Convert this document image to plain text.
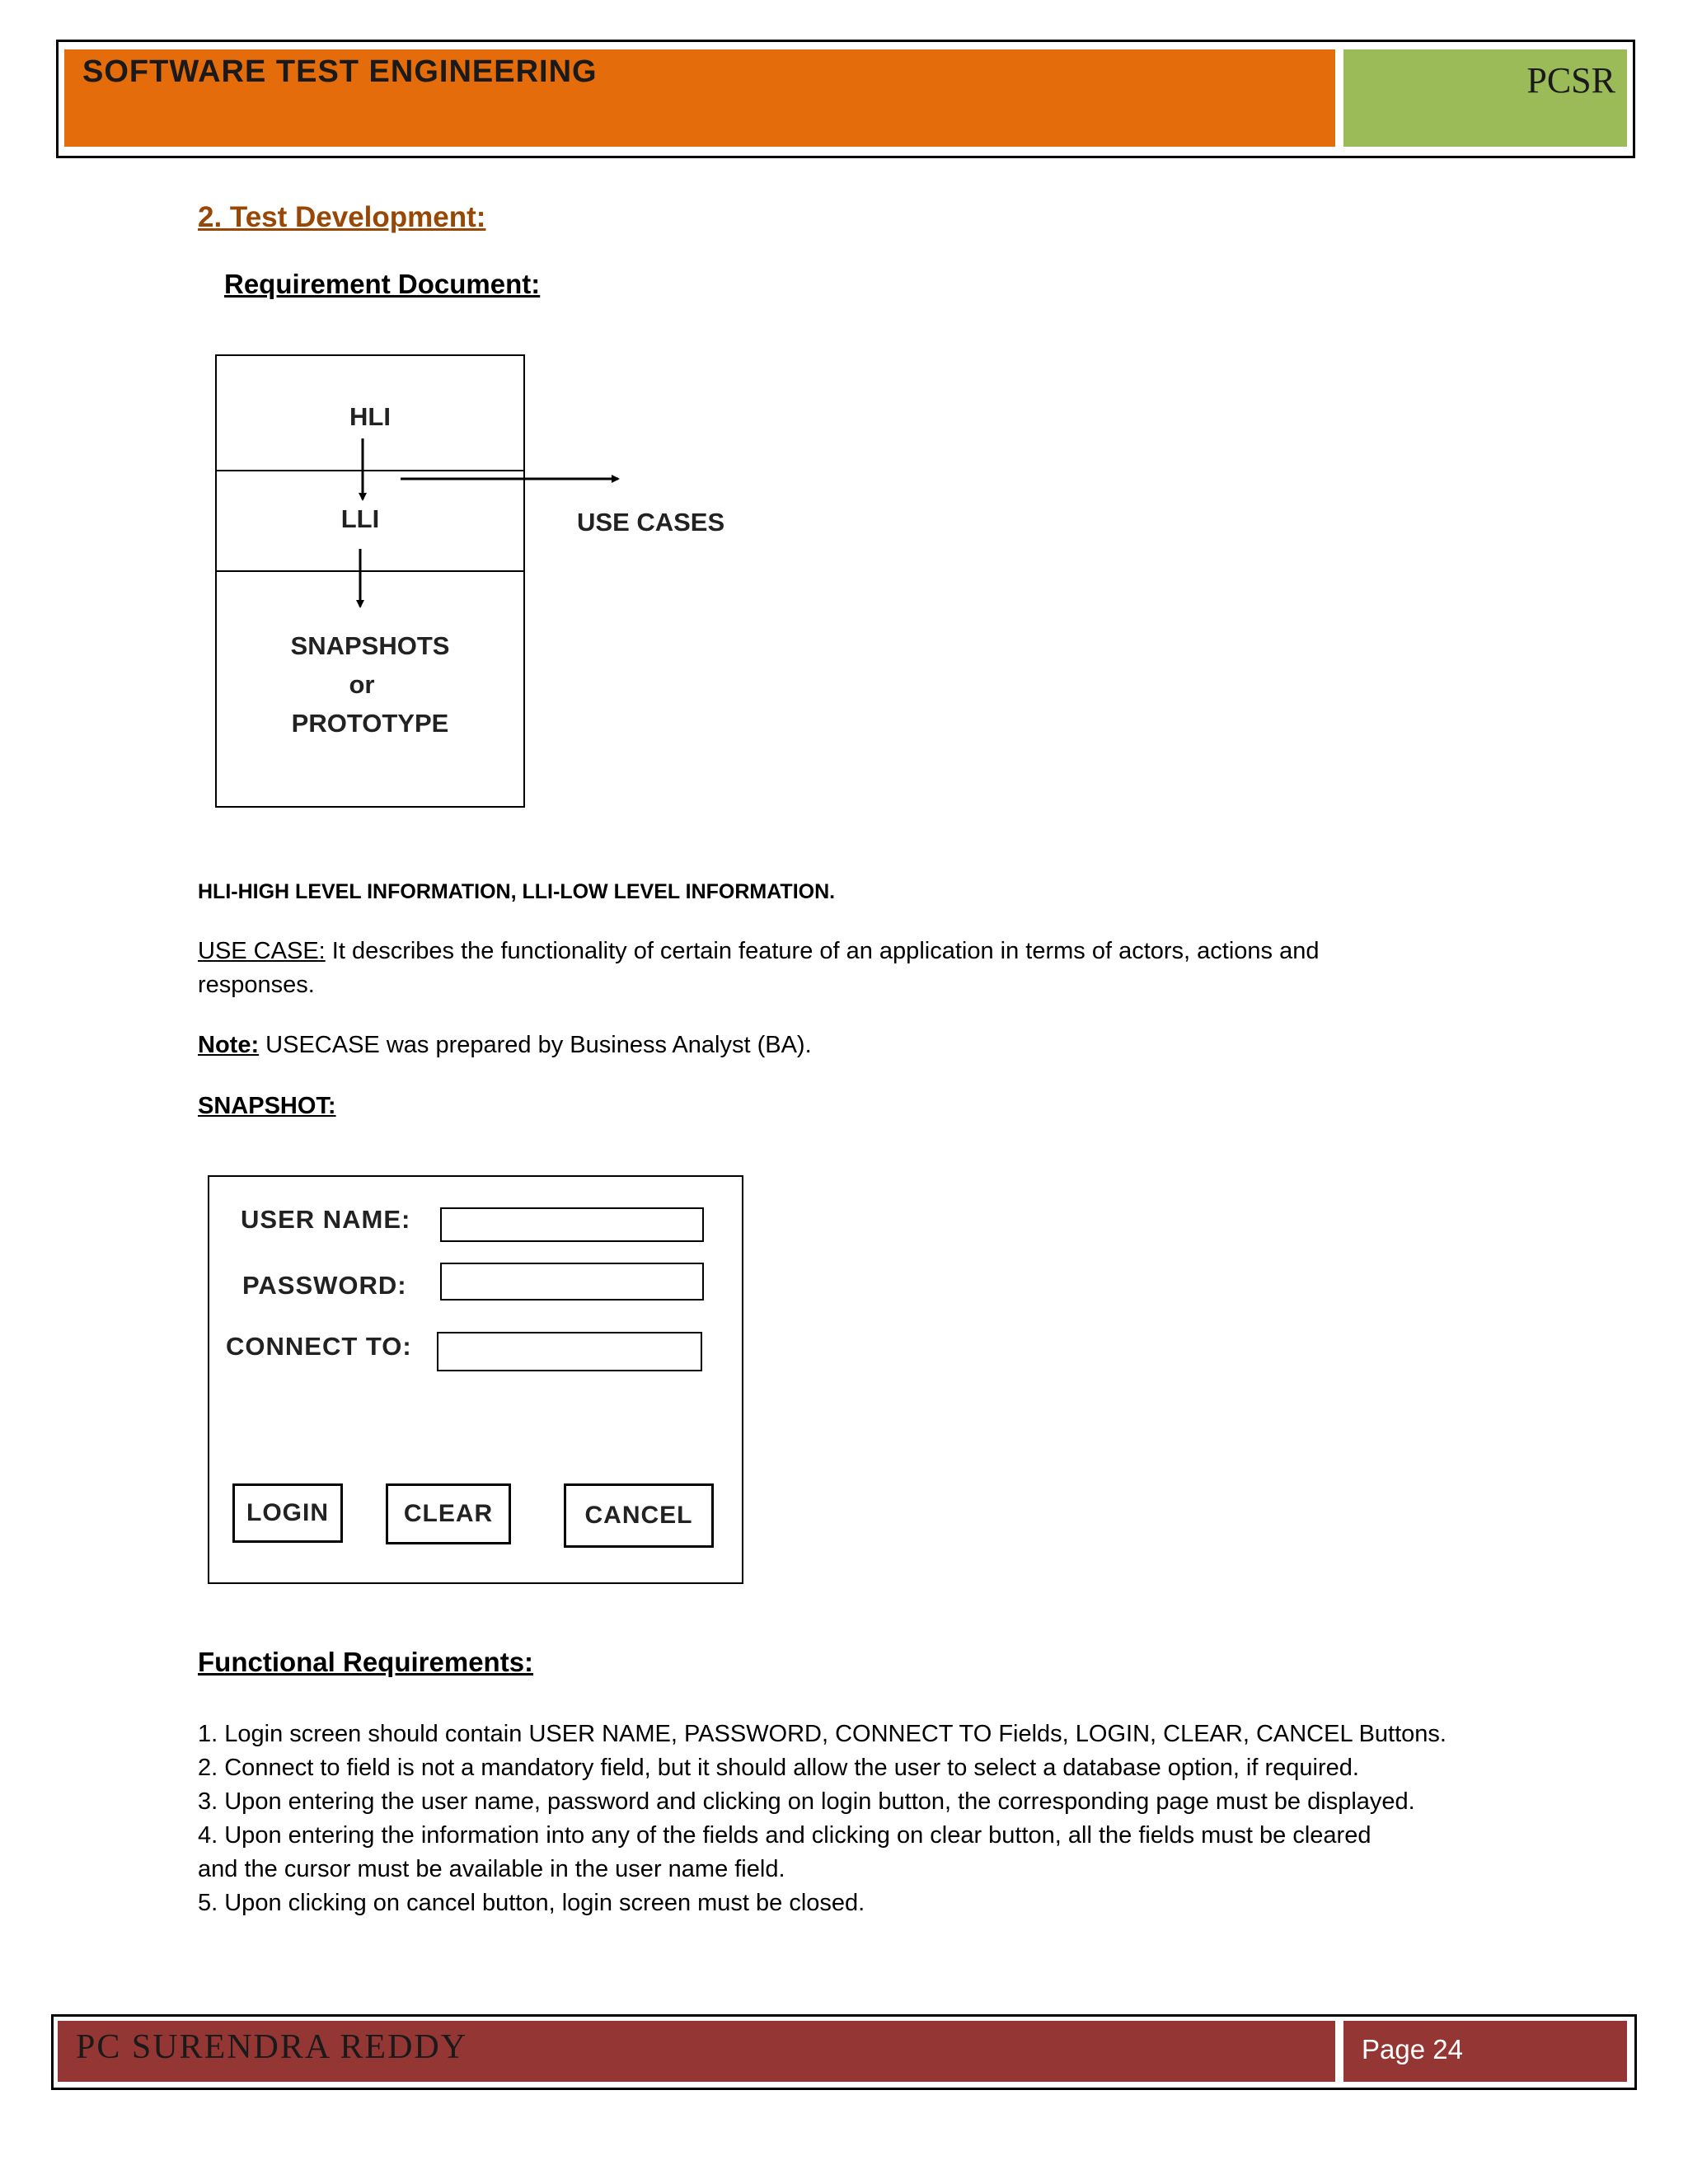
SOFTWARE TEST ENGINEERING	PCSR
2. Test Development:
Requirement Document:
HLI
LLI
SNAPSHOTS
or
PROTOTYPE
USE CASES
HLI-HIGH LEVEL INFORMATION, LLI-LOW LEVEL INFORMATION.
USE CASE: It describes the functionality of certain feature of an application in terms of actors, actions and
responses.
Note: USECASE was prepared by Business Analyst (BA).
SNAPSHOT:
USER NAME:
PASSWORD:
CONNECT TO:
LOGIN	CLEAR	CANCEL
Functional Requirements:
1. Login screen should contain USER NAME, PASSWORD, CONNECT TO Fields, LOGIN, CLEAR, CANCEL Buttons.
2. Connect to field is not a mandatory field, but it should allow the user to select a database option, if required.
3. Upon entering the user name, password and clicking on login button, the corresponding page must be displayed.
4. Upon entering the information into any of the fields and clicking on clear button, all the fields must be cleared
and the cursor must be available in the user name field.
5. Upon clicking on cancel button, login screen must be closed.
PC SURENDRA REDDY	Page 24
